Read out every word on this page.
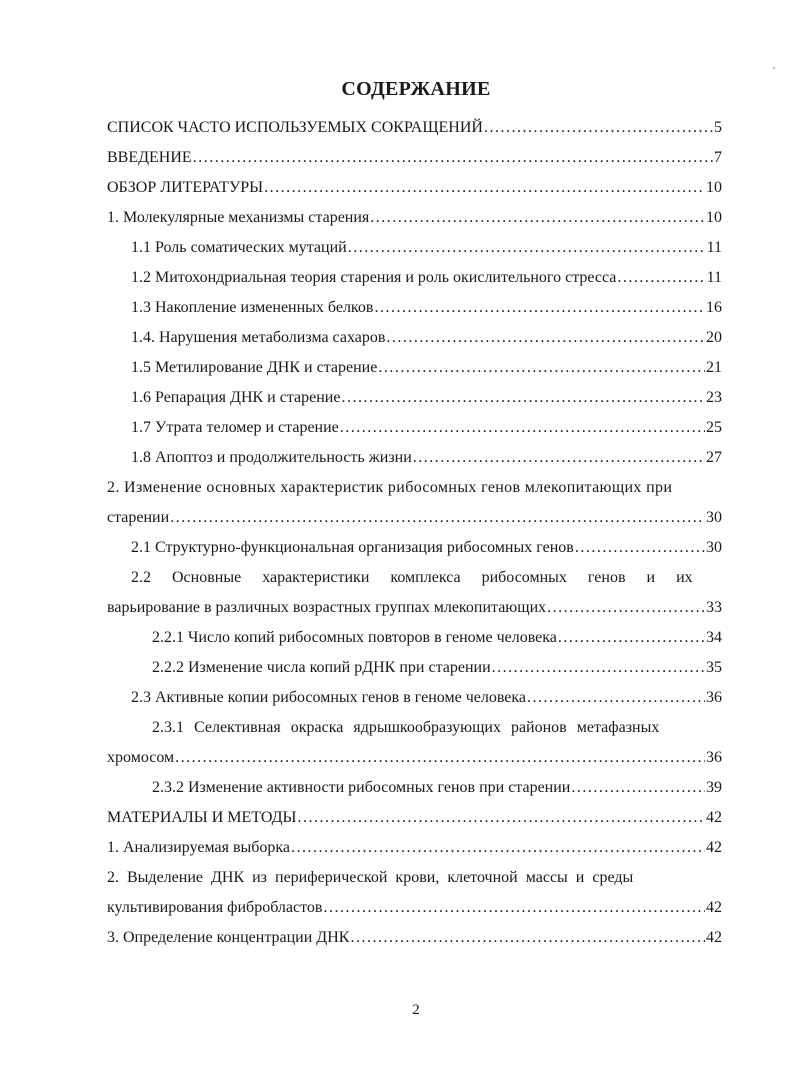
СОДЕРЖАНИЕ
СПИСОК ЧАСТО ИСПОЛЬЗУЕМЫХ СОКРАЩЕНИЙ .....	5
ВВЕДЕНИЕ .....	7
ОБЗОР ЛИТЕРАТУРЫ .....	10
1. Молекулярные механизмы старения .....	10
1.1 Роль соматических мутаций .....	11
1.2 Митохондриальная теория старения и роль окислительного стресса .....	11
1.3 Накопление измененных белков .....	16
1.4. Нарушения метаболизма сахаров .....	20
1.5 Метилирование ДНК и старение .....	21
1.6 Репарация ДНК и старение .....	23
1.7 Утрата теломер и старение .....	25
1.8 Апоптоз и продолжительность жизни .....	27
2. Изменение основных характеристик рибосомных генов млекопитающих при
старении .....	30
2.1 Структурно-функциональная организация рибосомных генов .....	30
2.2 Основные характеристики комплекса рибосомных генов и их
варьирование в различных возрастных группах млекопитающих .....	33
2.2.1 Число копий рибосомных повторов в геноме человека .....	34
2.2.2 Изменение числа копий рДНК при старении .....	35
2.3 Активные копии рибосомных генов в геноме человека .....	36
2.3.1 Селективная окраска ядрышкообразующих районов метафазных
хромосом .....	36
2.3.2 Изменение активности рибосомных генов при старении .....	39
МАТЕРИАЛЫ И МЕТОДЫ .....	42
1. Анализируемая выборка .....	42
2. Выделение ДНК из периферической крови, клеточной массы и среды
культивирования фибробластов .....	42
3. Определение концентрации ДНК .....	42
2
